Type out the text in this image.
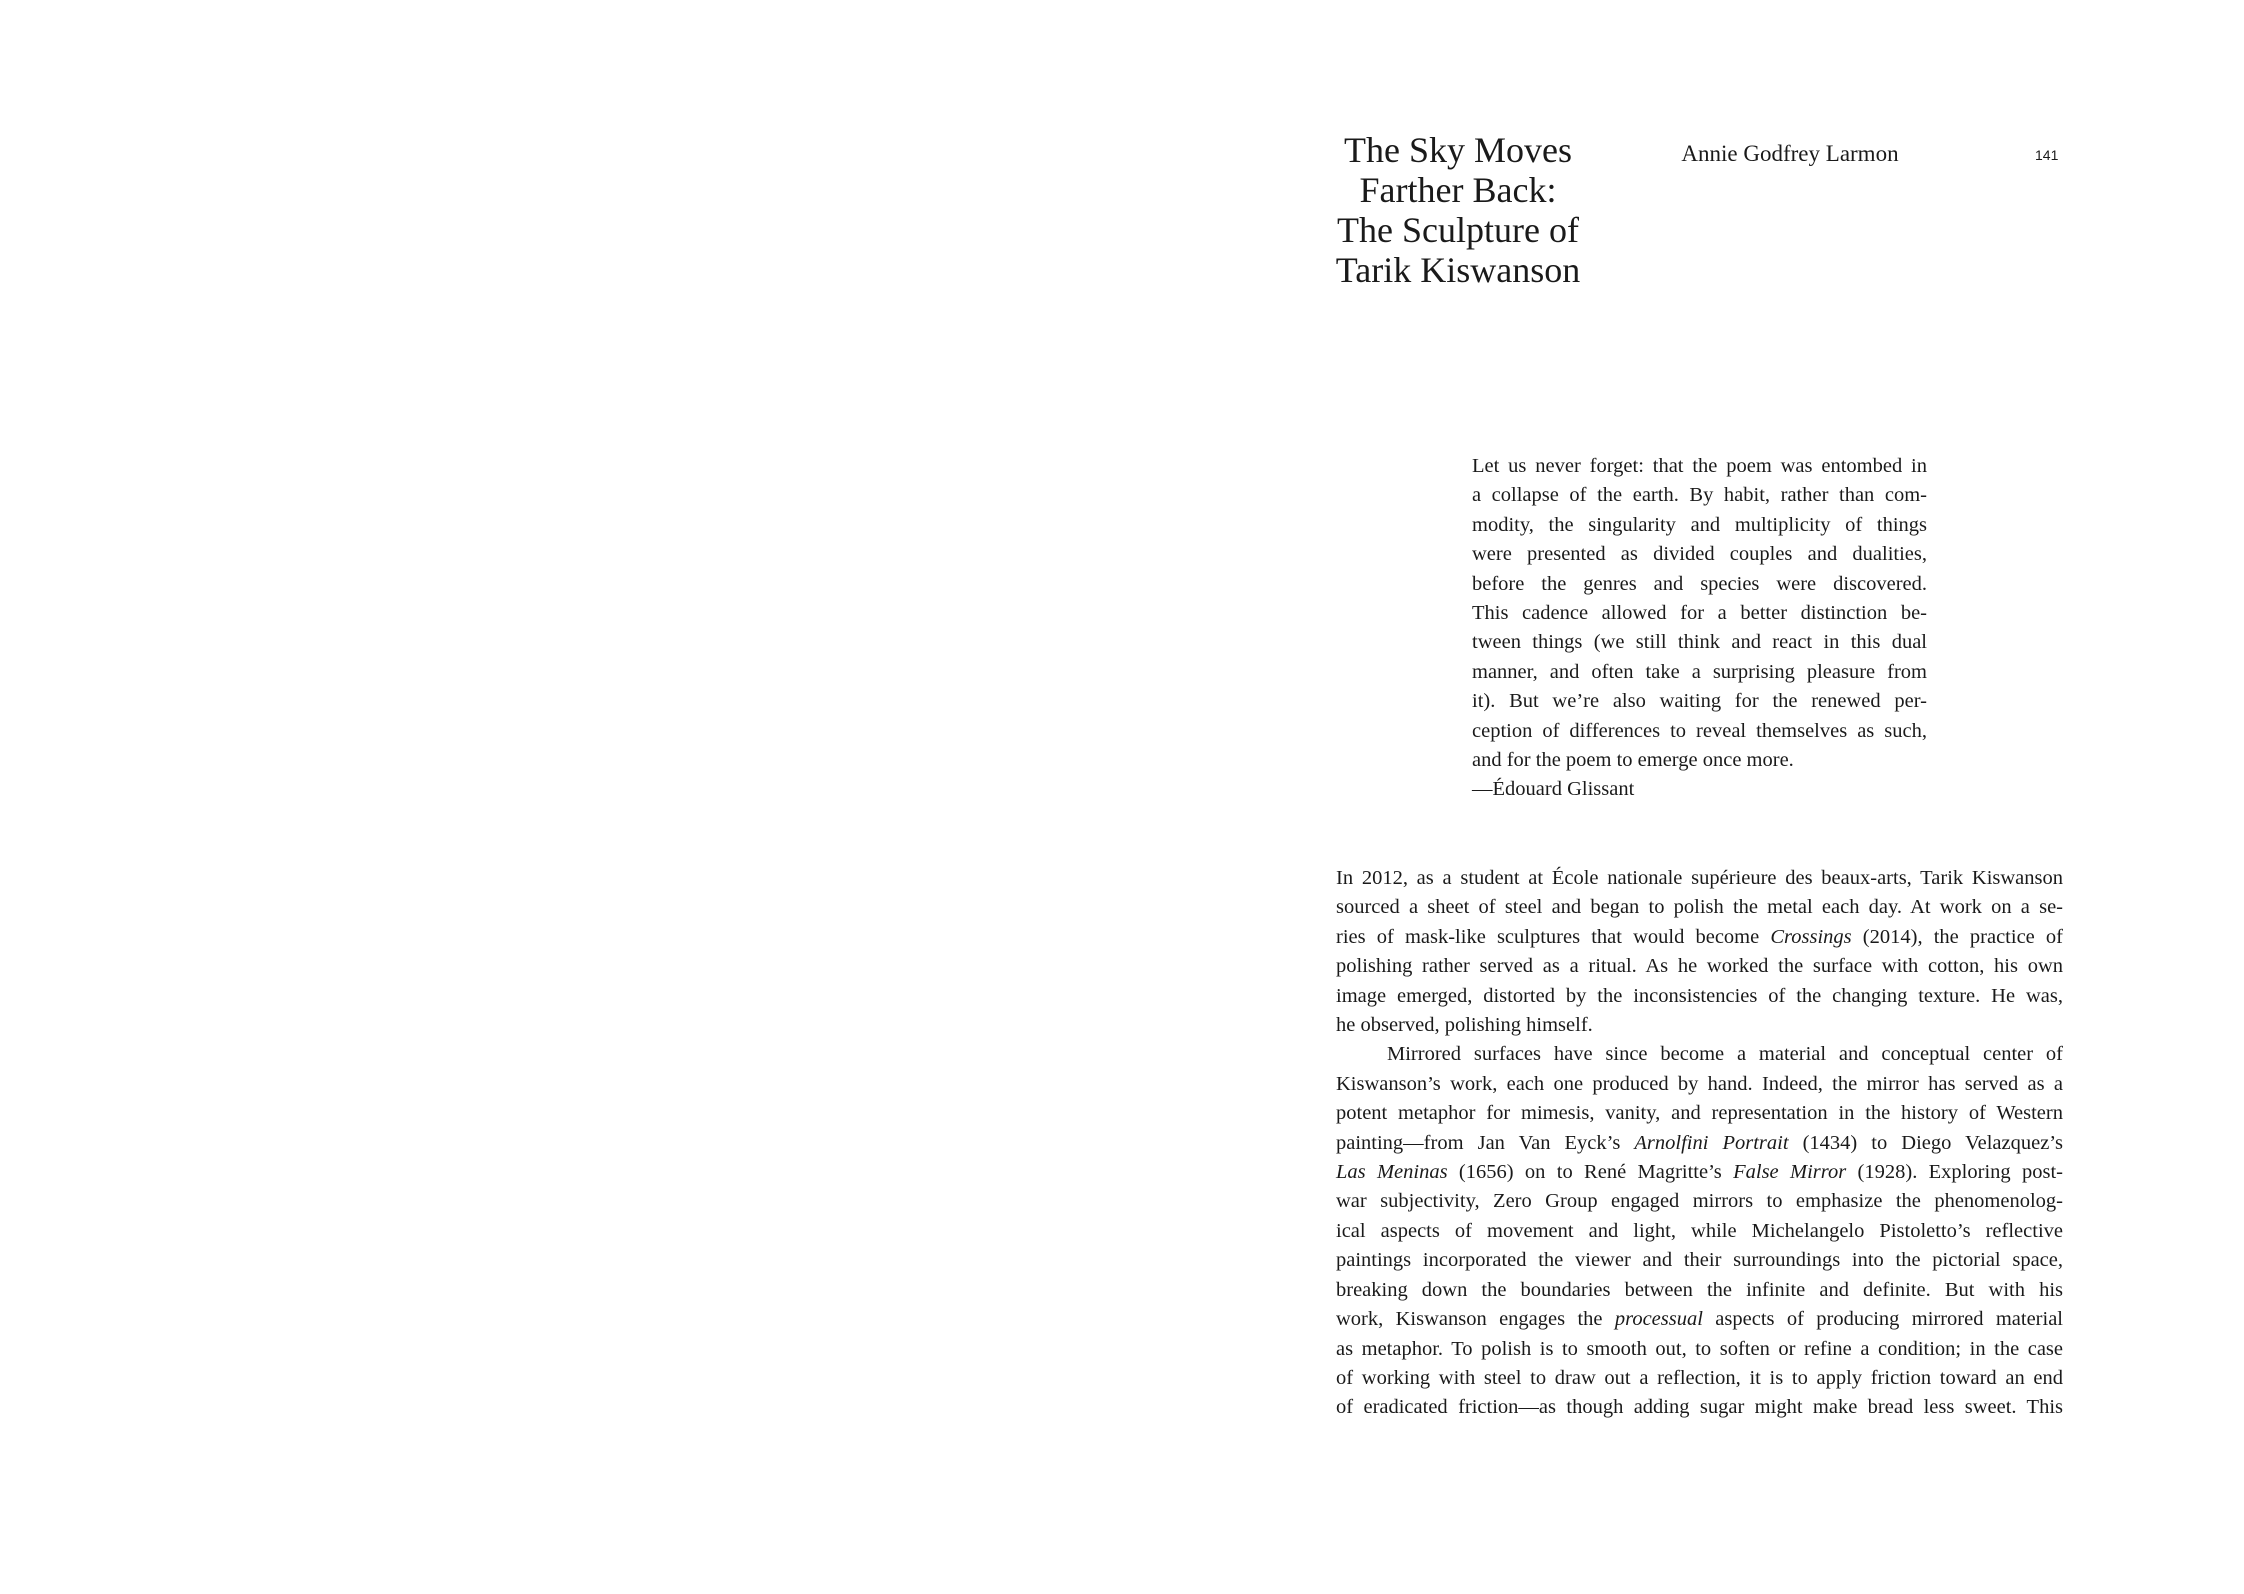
The Sky Moves
Farther Back:
The Sculpture of
Tarik Kiswanson
Annie Godfrey Larmon	141
Let us never forget: that the poem was entombed in
a collapse of the earth. By habit, rather than com-
modity, the singularity and multiplicity of things
were presented as divided couples and dualities,
before the genres and species were discovered.
This cadence allowed for a better distinction be-
tween things (we still think and react in this dual
manner, and often take a surprising pleasure from
it). But we’re also waiting for the renewed per-
ception of differences to reveal themselves as such,
and for the poem to emerge once more.
—Édouard Glissant
In 2012, as a student at École nationale supérieure des beaux-arts, Tarik Kiswanson
sourced a sheet of steel and began to polish the metal each day. At work on a se-
ries of mask-like sculptures that would become Crossings (2014), the practice of
polishing rather served as a ritual. As he worked the surface with cotton, his own
image emerged, distorted by the inconsistencies of the changing texture. He was,
he observed, polishing himself.
Mirrored surfaces have since become a material and conceptual center of
Kiswanson’s work, each one produced by hand. Indeed, the mirror has served as a
potent metaphor for mimesis, vanity, and representation in the history of Western
painting—from Jan Van Eyck’s Arnolfini Portrait (1434) to Diego Velazquez’s
Las Meninas (1656) on to René Magritte’s False Mirror (1928). Exploring post-
war subjectivity, Zero Group engaged mirrors to emphasize the phenomenolog-
ical aspects of movement and light, while Michelangelo Pistoletto’s reflective
paintings incorporated the viewer and their surroundings into the pictorial space,
breaking down the boundaries between the infinite and definite. But with his
work, Kiswanson engages the processual aspects of producing mirrored material
as metaphor. To polish is to smooth out, to soften or refine a condition; in the case
of working with steel to draw out a reflection, it is to apply friction toward an end
of eradicated friction—as though adding sugar might make bread less sweet. This
